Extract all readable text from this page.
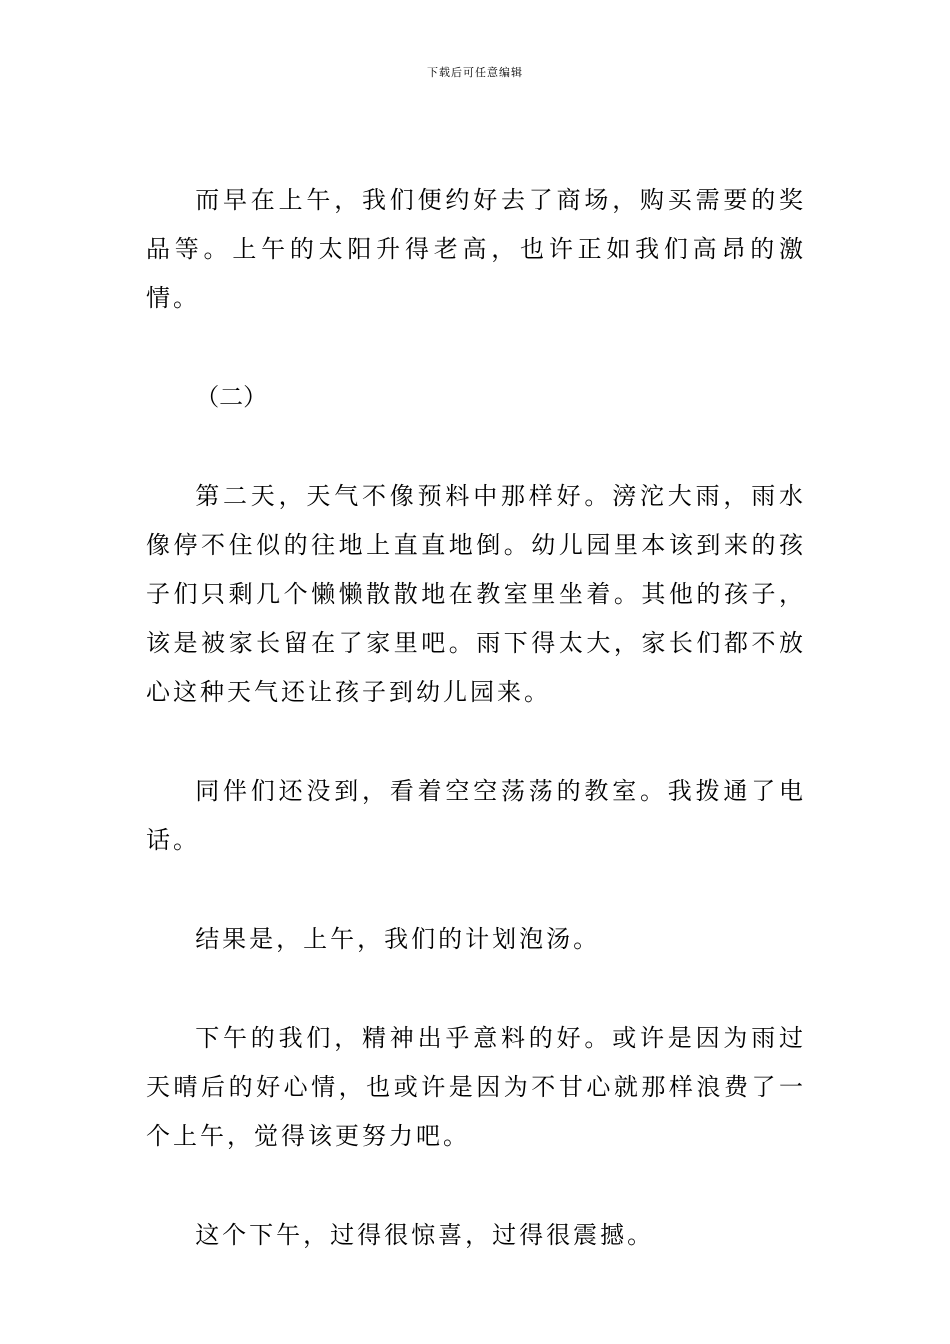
下载后可任意编辑

而早在上午，我们便约好去了商场，购买需要的奖品等。上午的太阳升得老高，也许正如我们高昂的激情。

（二）

第二天，天气不像预料中那样好。滂沱大雨，雨水像停不住似的往地上直直地倒。幼儿园里本该到来的孩子们只剩几个懒懒散散地在教室里坐着。其他的孩子，该是被家长留在了家里吧。雨下得太大，家长们都不放心这种天气还让孩子到幼儿园来。

同伴们还没到，看着空空荡荡的教室。我拨通了电话。

结果是，上午，我们的计划泡汤。

下午的我们，精神出乎意料的好。或许是因为雨过天晴后的好心情，也或许是因为不甘心就那样浪费了一个上午，觉得该更努力吧。

这个下午，过得很惊喜，过得很震撼。
